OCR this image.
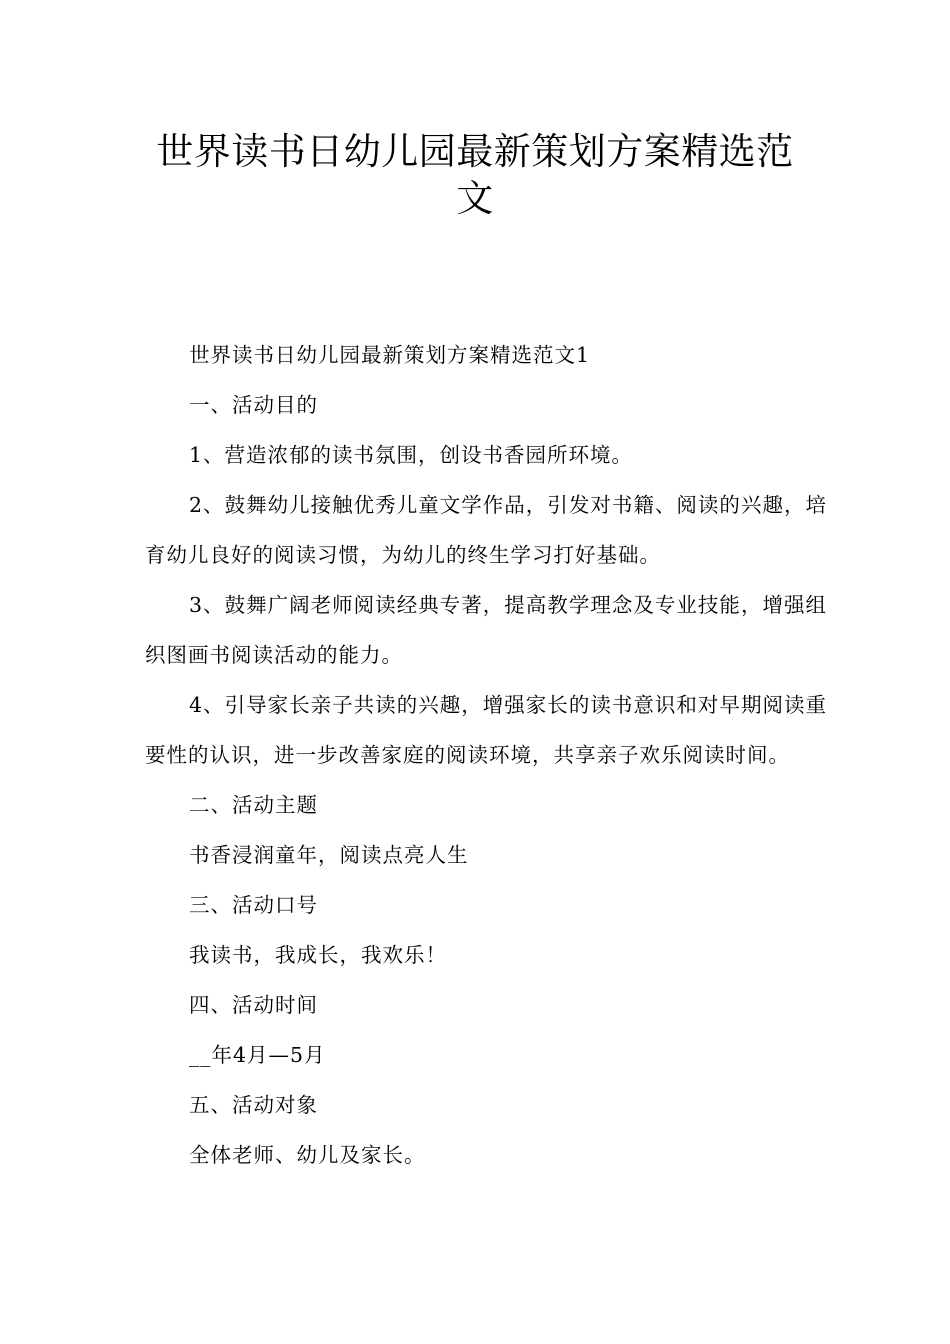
世界读书日幼儿园最新策划方案精选范文

世界读书日幼儿园最新策划方案精选范文1

一、活动目的

1、营造浓郁的读书氛围，创设书香园所环境。

2、鼓舞幼儿接触优秀儿童文学作品，引发对书籍、阅读的兴趣，培育幼儿良好的阅读习惯，为幼儿的终生学习打好基础。

3、鼓舞广阔老师阅读经典专著，提高教学理念及专业技能，增强组织图画书阅读活动的能力。

4、引导家长亲子共读的兴趣，增强家长的读书意识和对早期阅读重要性的认识，进一步改善家庭的阅读环境，共享亲子欢乐阅读时间。

二、活动主题

书香浸润童年，阅读点亮人生

三、活动口号

我读书，我成长，我欢乐！

四、活动时间

__年4月—5月

五、活动对象

全体老师、幼儿及家长。
